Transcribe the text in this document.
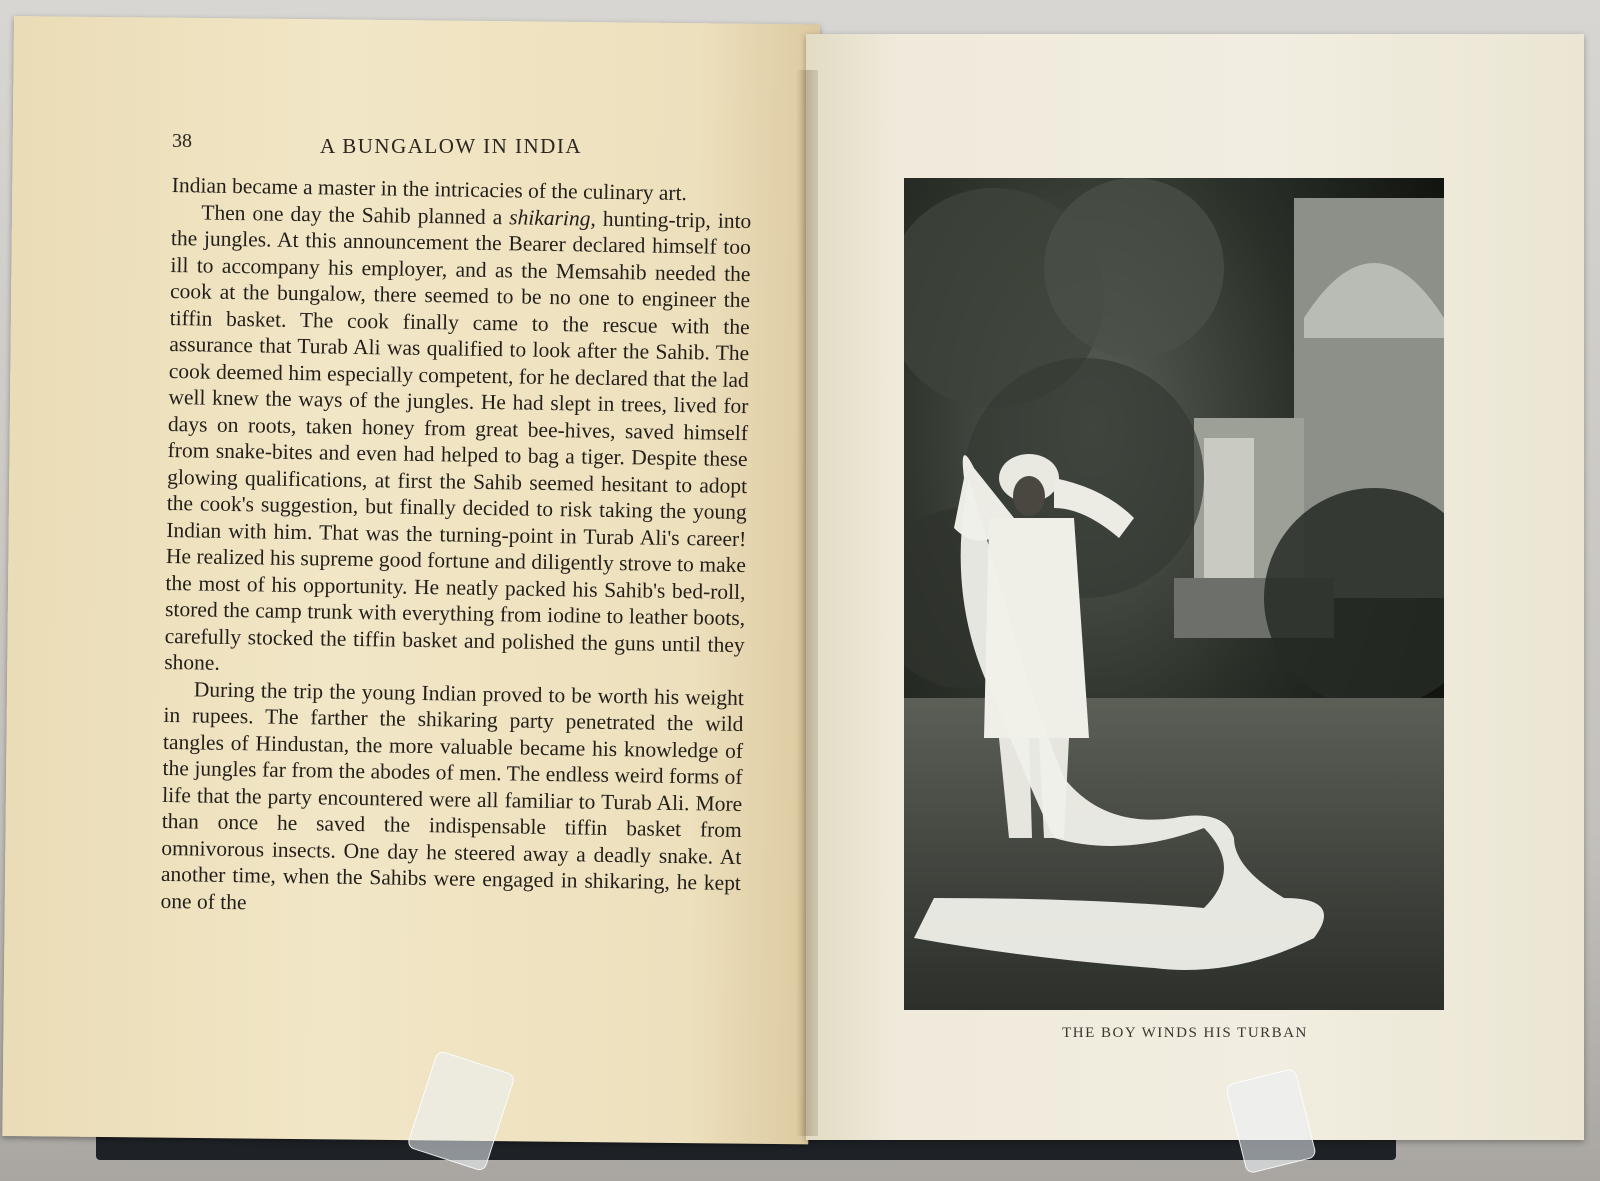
38	A BUNGALOW IN INDIA

Indian became a master in the intricacies of the culinary art.

Then one day the Sahib planned a shikaring, hunting-trip, into the jungles. At this announcement the Bearer declared himself too ill to accompany his employer, and as the Memsahib needed the cook at the bungalow, there seemed to be no one to engineer the tiffin basket. The cook finally came to the rescue with the assurance that Turab Ali was qualified to look after the Sahib. The cook deemed him especially competent, for he declared that the lad well knew the ways of the jungles. He had slept in trees, lived for days on roots, taken honey from great bee-hives, saved himself from snake-bites and even had helped to bag a tiger. Despite these glowing qualifications, at first the Sahib seemed hesitant to adopt the cook's suggestion, but finally decided to risk taking the young Indian with him. That was the turning-point in Turab Ali's career! He realized his supreme good fortune and diligently strove to make the most of his opportunity. He neatly packed his Sahib's bed-roll, stored the camp trunk with everything from iodine to leather boots, carefully stocked the tiffin basket and polished the guns until they shone.

During the trip the young Indian proved to be worth his weight in rupees. The farther the shikaring party penetrated the wild tangles of Hindustan, the more valuable became his knowledge of the jungles far from the abodes of men. The endless weird forms of life that the party encountered were all familiar to Turab Ali. More than once he saved the indispensable tiffin basket from omnivorous insects. One day he steered away a deadly snake. At another time, when the Sahibs were engaged in shikaring, he kept one of the

THE BOY WINDS HIS TURBAN
